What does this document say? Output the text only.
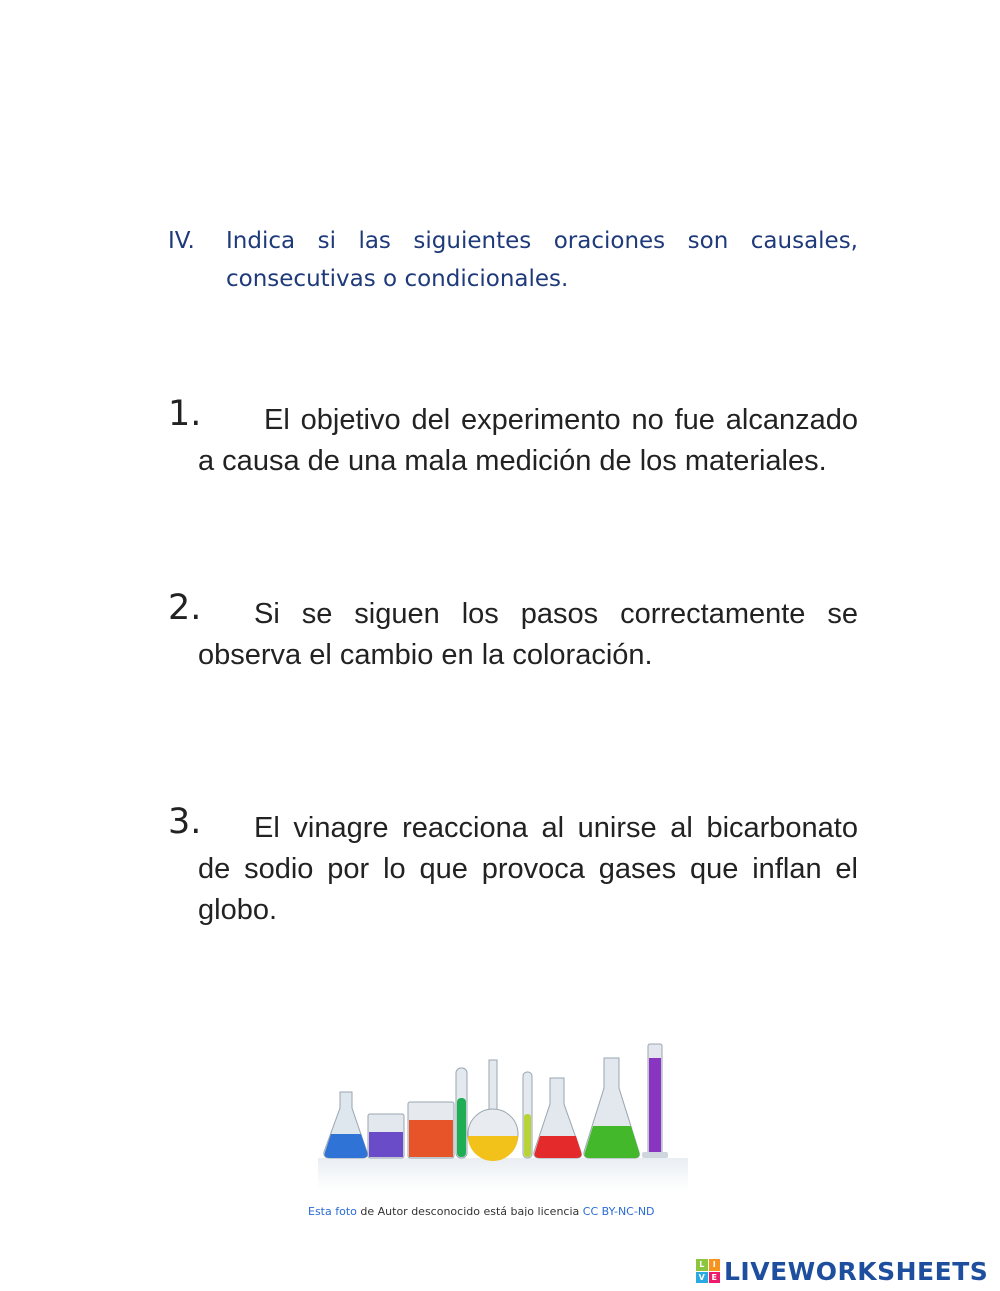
IV. Indica si las siguientes oraciones son causales, consecutivas o condicionales.
1.	El objetivo del experimento no fue alcanzado a causa de una mala medición de los materiales.
2.	Si se siguen los pasos correctamente se observa el cambio en la coloración.
3.	El vinagre reacciona al unirse al bicarbonato de sodio por lo que provoca gases que inflan el globo.
Esta foto de Autor desconocido está bajo licencia CC BY-NC-ND
L	I
V E LIVEWORKSHEETS
